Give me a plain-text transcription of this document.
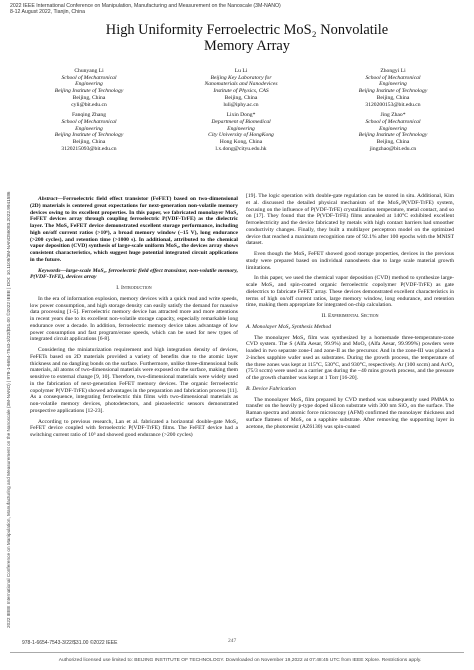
2022 IEEE International Conference on Manipulation, Manufacturing and Measurement on the Nanoscale (3M-NANO)
8-12 August 2022, Tianjin, China
2022 IEEE International Conference on Manipulation, Manufacturing and Measurement on the Nanoscale (3M-NANO) | 978-1-6654-7543-3/22/$31.00 ©2022 IEEE | DOI: 10.1109/3M-NANO56083.2022.9941586
High Uniformity Ferroelectric MoS₂ Nonvolatile
Memory Array
Chunyang Li
School of Mechatronical
Engineering
Beijing Institute of Technology
Beijing, China
cyli@bit.edu.cn
Lu Li
Beijing Key Laboratory for
Nanomaterials and Nanodevices
Institute of Physics, CAS
Beijing, China
luli@iphy.ac.cn
Zhongyi Li
School of Mechatronical
Engineering
Beijing Institute of Technology
Beijing, China
3120200153@bit.edu.cn
Fanqing Zhang
School of Mechatronical
Engineering
Beijing Institute of Technology
Beijing, China
3120215093@bit.edu.cn
Lixin Dong*
Department of Biomedical
Engineering
City University of HongKong
Hong Kong, China
l.x.dong@cityu.edu.hk
Jing Zhao*
School of Mechatronical
Engineering
Beijing Institute of Technology
Beijing, China
jingzhao@bit.edu.cn

Abstract—Ferroelectric field effect transistor (FeFET) based on two-dimensional (2D) materials is centered great expectations for next-generation non-volatile memory devices owing to its excellent properties. In this paper, we fabricated monolayer MoS₂ FeFET devices array through coupling ferroelectric P(VDF-TrFE) as the dielectric layer. The MoS₂ FeFET device demonstrated excellent storage performance, including high on/off current ratios (>10⁶), a broad memory window (~15 V), long endurance (>200 cycles), and retention time (>1000 s). In additional, attributed to the chemical vapor deposition (CVD) synthesis of large-scale uniform MoS₂, the devices array shows consistent characteristics, which suggest huge potential integrated circuit applications in the future.

Keywords—large-scale MoS₂, ferroelectric field effect transistor, non-volatile memory, P(VDF-TrFE), devices array

I. Introduction

In the era of information explosion, memory devices with a quick read and write speeds, low power consumption, and high storage density can easily satisfy the demand for massive data processing [1-5]. Ferroelectric memory device has attracted more and more attentions in recent years due to its excellent non-volatile storage capacity, especially remarkable long endurance over a decade. In addition, ferroelectric memory device takes advantage of low power consumption and fast program/erase speeds, which can be used for new types of integrated circuit applications [6-8].

Considering the miniaturization requirement and high integration density of devices, FeFETs based on 2D materials provided a variety of benefits due to the atomic layer thickness and no dangling bonds on the surface. Furthermore, unlike three-dimensional bulk materials, all atoms of two-dimensional materials were exposed on the surface, making them sensitive to external change [9, 10]. Therefore, two-dimensional materials were widely used in the fabrication of next-generation FeFET memory devices. The organic ferroelectric copolymer P(VDF-TrFE) showed advantages in the preparation and fabrication process [11]. As a consequence, integrating ferroelectric thin films with two-dimensional materials as non-volatile memory devices, photodetectors, and piezoelectric sensors demonstrated prospective applications [12-23].

According to previous research, Lan et al. fabricated a horizontal double-gate MoS₂ FeFET device coupled with ferroelectric P(VDF-TrFE) films. The FeFET device had a switching current ratio of 10⁵ and showed good endurance (>200 cycles)

[19]. The logic operation with double-gate regulation can be stored in situ. Additional, Kim et al. discussed the detailed physical mechanism of the MoS₂/P(VDF-TrFE) system, focusing on the influence of P(VDF-TrFE) crystallization temperature, metal contact, and so on [17]. They found that the P(VDF-TrFE) films annealed at 140°C exhibited excellent ferroelectricity and the device fabricated by metals with high contact barriers had smoother conductivity changes. Finally, they built a multilayer perceptron model on the optimized device that reached a maximum recognition rate of 92.1% after 100 epochs with the MNIST dataset.

Even though the MoS₂ FeFET showed good storage properties, devices in the previous study were prepared based on individual nanosheets due to large scale material growth limitations.

In this paper, we used the chemical vapor deposition (CVD) method to synthesize large-scale MoS₂ and spin-coated organic ferroelectric copolymer P(VDF-TrFE) as gate dielectrics to fabricate FeFET array. These devices demonstrated excellent characteristics in terms of high on/off current ratios, large memory window, long endurance, and retention time, making them appropriate for integrated on-chip calculation.

II. Experimental Section

A. Monolayer MoS₂ Synthesis Method

The monolayer MoS₂ film was synthesized by a homemade three-temperature-zone CVD system. The S (Alfa Aesar, 99.9%) and MoO₃ (Alfa Aesar, 99.999%) powders were loaded in two separate zone-I and zone-II as the precursor. And in the zone-III was placed a 2-inches sapphire wafer used as substrates. During the growth process, the temperature of the three zones was kept at 115°C, 530°C, and 930°C, respectively. Ar (100 sccm) and Ar/O₂ (75/3 sccm) were used as a carrier gas during the ~40 mins growth process, and the pressure of the growth chamber was kept at 1 Torr [16-20].

B. Device Fabrication

The monolayer MoS₂ film prepared by CVD method was subsequently used PMMA to transfer on the heavily p-type doped silicon substrate with 300 nm SiO₂ on the surface. The Raman spectra and atomic force microscopy (AFM) confirmed the monolayer thickness and surface flatness of MoS₂ on a sapphire substrate. After removing the supporting layer in acetone, the photoresist (AZ6130) was spin-coated

978-1-6654-7543-3/22/$31.00 ©2022 IEEE	247
Authorized licensed use limited to: BEIJING INSTITUTE OF TECHNOLOGY. Downloaded on November 19,2022 at 07:48:45 UTC from IEEE Xplore. Restrictions apply.
